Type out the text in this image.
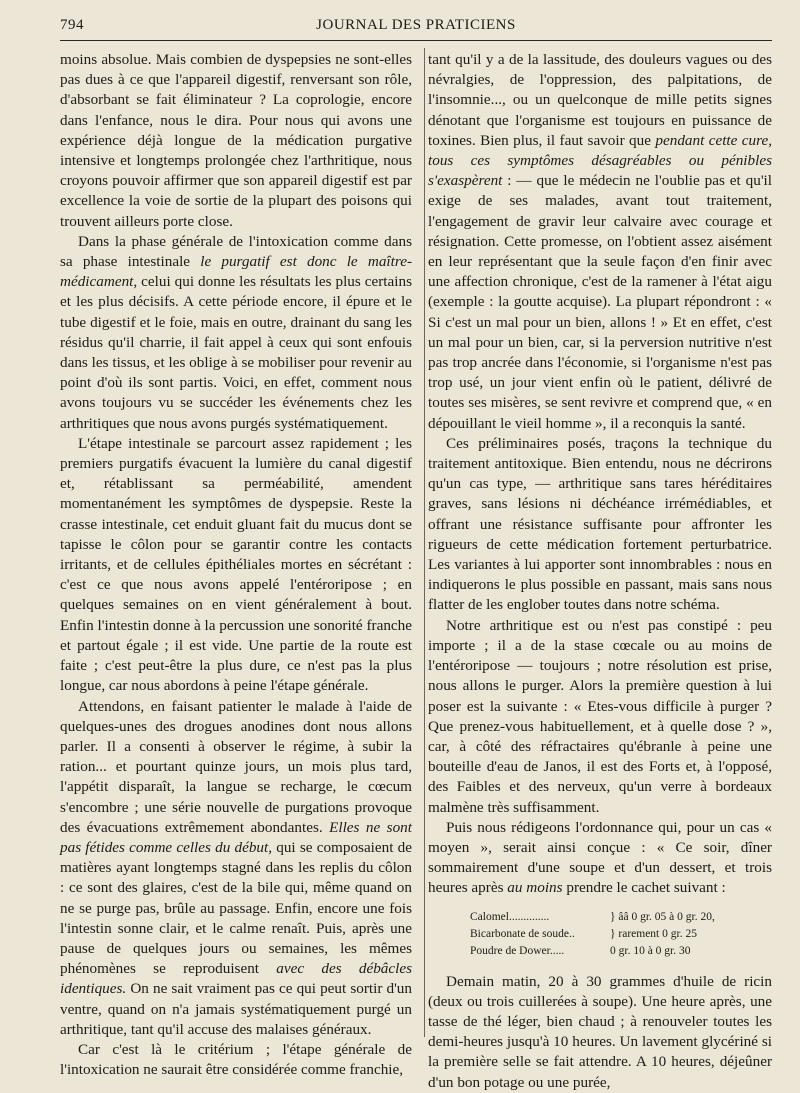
794	JOURNAL DES PRATICIENS

moins absolue. Mais combien de dyspepsies ne sont-elles pas dues à ce que l'appareil digestif, renversant son rôle, d'absorbant se fait éliminateur ? La coprologie, encore dans l'enfance, nous le dira. Pour nous qui avons une expérience déjà longue de la médication purgative intensive et longtemps prolongée chez l'arthritique, nous croyons pouvoir affirmer que son appareil digestif est par excellence la voie de sortie de la plupart des poisons qui trouvent ailleurs porte close.

Dans la phase générale de l'intoxication comme dans sa phase intestinale le purgatif est donc le maître-médicament, celui qui donne les résultats les plus certains et les plus décisifs. A cette période encore, il épure et le tube digestif et le foie, mais en outre, drainant du sang les résidus qu'il charrie, il fait appel à ceux qui sont enfouis dans les tissus, et les oblige à se mobiliser pour revenir au point d'où ils sont partis. Voici, en effet, comment nous avons toujours vu se succéder les événements chez les arthritiques que nous avons purgés systématiquement.

L'étape intestinale se parcourt assez rapidement ; les premiers purgatifs évacuent la lumière du canal digestif et, rétablissant sa perméabilité, amendent momentanément les symptômes de dyspepsie. Reste la crasse intestinale, cet enduit gluant fait du mucus dont se tapisse le côlon pour se garantir contre les contacts irritants, et de cellules épithéliales mortes en sécrétant : c'est ce que nous avons appelé l'entéroripose ; en quelques semaines on en vient généralement à bout. Enfin l'intestin donne à la percussion une sonorité franche et partout égale ; il est vide. Une partie de la route est faite ; c'est peut-être la plus dure, ce n'est pas la plus longue, car nous abordons à peine l'étape générale.

Attendons, en faisant patienter le malade à l'aide de quelques-unes des drogues anodines dont nous allons parler. Il a consenti à observer le régime, à subir la ration... et pourtant quinze jours, un mois plus tard, l'appétit disparaît, la langue se recharge, le cœcum s'encombre ; une série nouvelle de purgations provoque des évacuations extrêmement abondantes. Elles ne sont pas fétides comme celles du début, qui se composaient de matières ayant longtemps stagné dans les replis du côlon : ce sont des glaires, c'est de la bile qui, même quand on ne se purge pas, brûle au passage. Enfin, encore une fois l'intestin sonne clair, et le calme renaît. Puis, après une pause de quelques jours ou semaines, les mêmes phénomènes se reproduisent avec des débâcles identiques. On ne sait vraiment pas ce qui peut sortir d'un ventre, quand on n'a jamais systématiquement purgé un arthritique, tant qu'il accuse des malaises généraux.

Car c'est là le critérium ; l'étape générale de l'intoxication ne saurait être considérée comme franchie,

tant qu'il y a de la lassitude, des douleurs vagues ou des névralgies, de l'oppression, des palpitations, de l'insomnie..., ou un quelconque de mille petits signes dénotant que l'organisme est toujours en puissance de toxines. Bien plus, il faut savoir que pendant cette cure, tous ces symptômes désagréables ou pénibles s'exaspèrent : — que le médecin ne l'oublie pas et qu'il exige de ses malades, avant tout traitement, l'engagement de gravir leur calvaire avec courage et résignation. Cette promesse, on l'obtient assez aisément en leur représentant que la seule façon d'en finir avec une affection chronique, c'est de la ramener à l'état aigu (exemple : la goutte acquise). La plupart répondront : « Si c'est un mal pour un bien, allons ! » Et en effet, c'est un mal pour un bien, car, si la perversion nutritive n'est pas trop ancrée dans l'économie, si l'organisme n'est pas trop usé, un jour vient enfin où le patient, délivré de toutes ses misères, se sent revivre et comprend que, « en dépouillant le vieil homme », il a reconquis la santé.

Ces préliminaires posés, traçons la technique du traitement antitoxique. Bien entendu, nous ne décrirons qu'un cas type, — arthritique sans tares héréditaires graves, sans lésions ni déchéance irrémédiables, et offrant une résistance suffisante pour affronter les rigueurs de cette médication fortement perturbatrice. Les variantes à lui apporter sont innombrables : nous en indiquerons le plus possible en passant, mais sans nous flatter de les englober toutes dans notre schéma.

Notre arthritique est ou n'est pas constipé : peu importe ; il a de la stase cœcale ou au moins de l'entéroripose — toujours ; notre résolution est prise, nous allons le purger. Alors la première question à lui poser est la suivante : « Etes-vous difficile à purger ? Que prenez-vous habituellement, et à quelle dose ? », car, à côté des réfractaires qu'ébranle à peine une bouteille d'eau de Janos, il est des Forts et, à l'opposé, des Faibles et des nerveux, qu'un verre à bordeaux malmène très suffisamment.

Puis nous rédigeons l'ordonnance qui, pour un cas « moyen », serait ainsi conçue : « Ce soir, dîner sommairement d'une soupe et d'un dessert, et trois heures après au moins prendre le cachet suivant :

Calomel..............	} ââ 0 gr. 05 à 0 gr. 20,
Bicarbonate de soude..	} rarement 0 gr. 25
Poudre de Dower.....	0 gr. 10 à 0 gr. 30

Demain matin, 20 à 30 grammes d'huile de ricin (deux ou trois cuillerées à soupe). Une heure après, une tasse de thé léger, bien chaud ; à renouveler toutes les demi-heures jusqu'à 10 heures. Un lavement glycériné si la première selle se fait attendre. A 10 heures, déjeûner d'un bon potage ou une purée,
